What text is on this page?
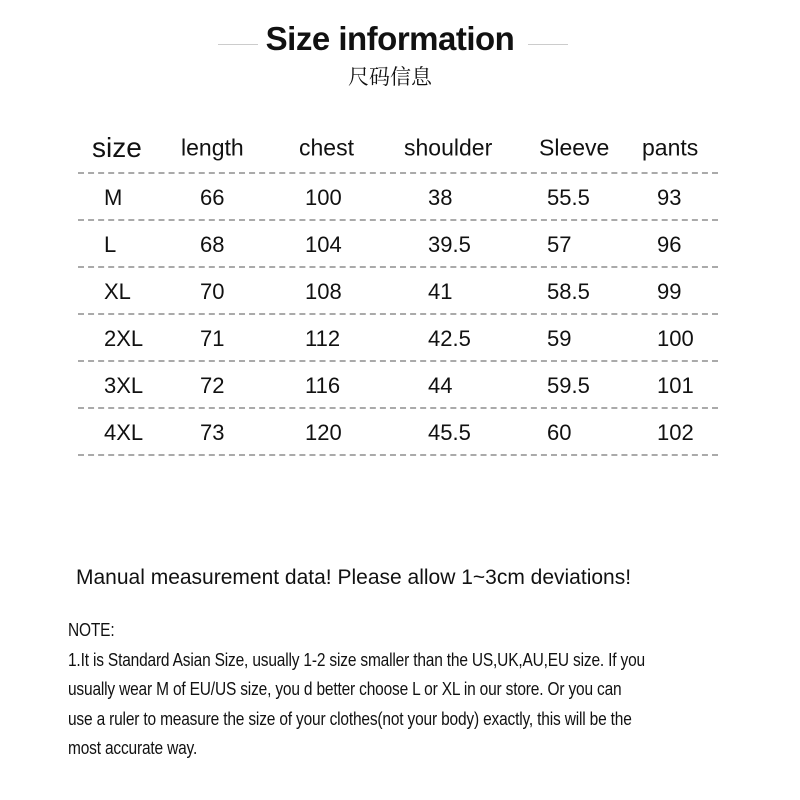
Size information
尺码信息
size length chest shoulder Sleeve pants
M	66	100	38	55.5	93
L	68	104	39.5	57	96
XL	70	108	41	58.5	99
2XL	71	112	42.5	59	100
3XL	72	116	44	59.5	101
4XL	73	120	45.5	60	102
Manual measurement data! Please allow 1~3cm deviations!
NOTE:
1.It is Standard Asian Size, usually 1-2 size smaller than the US,UK,AU,EU size. If you
usually wear M of EU/US size, you d better choose L or XL in our store. Or you can
use a ruler to measure the size of your clothes(not your body) exactly, this will be the
most accurate way.
